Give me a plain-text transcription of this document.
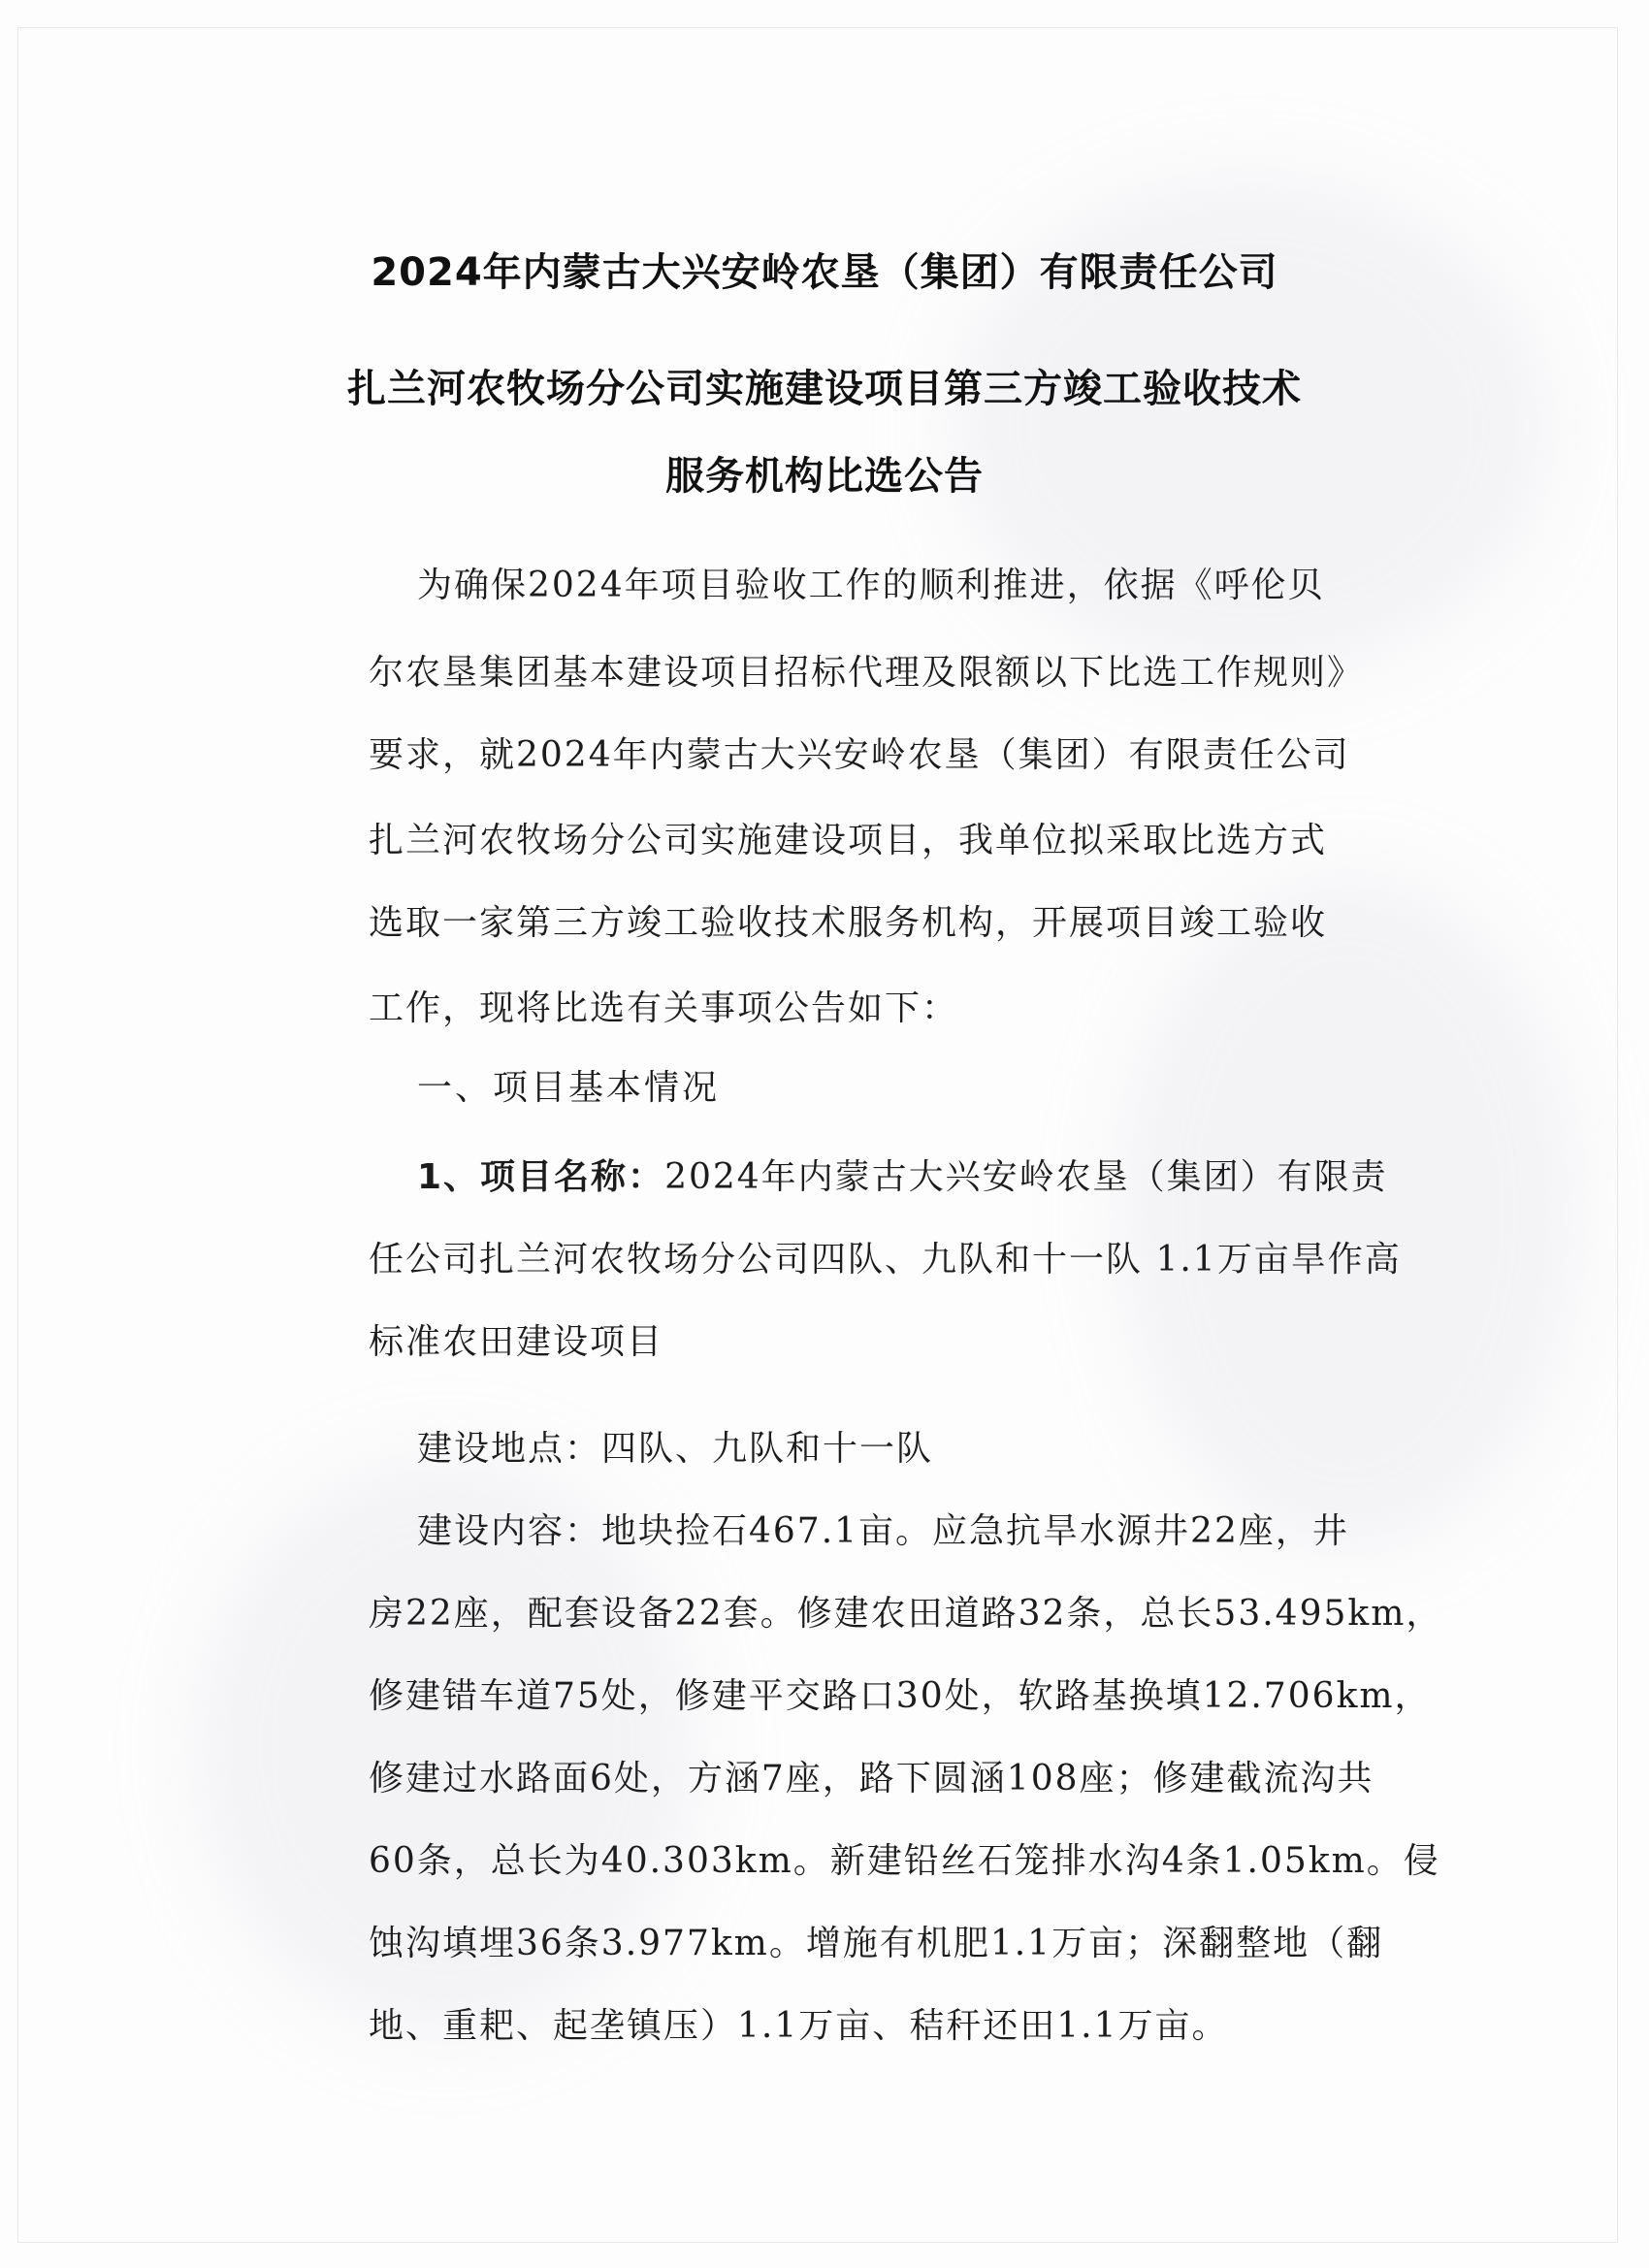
2024年内蒙古大兴安岭农垦（集团）有限责任公司
扎兰河农牧场分公司实施建设项目第三方竣工验收技术
服务机构比选公告
为确保2024年项目验收工作的顺利推进，依据《呼伦贝
尔农垦集团基本建设项目招标代理及限额以下比选工作规则》
要求，就2024年内蒙古大兴安岭农垦（集团）有限责任公司
扎兰河农牧场分公司实施建设项目，我单位拟采取比选方式
选取一家第三方竣工验收技术服务机构，开展项目竣工验收
工作，现将比选有关事项公告如下：
一、项目基本情况
1、项目名称：2024年内蒙古大兴安岭农垦（集团）有限责
任公司扎兰河农牧场分公司四队、九队和十一队 1.1万亩旱作高
标准农田建设项目
建设地点：四队、九队和十一队
建设内容：地块捡石467.1亩。应急抗旱水源井22座，井
房22座，配套设备22套。修建农田道路32条，总长53.495km，
修建错车道75处，修建平交路口30处，软路基换填12.706km，
修建过水路面6处，方涵7座，路下圆涵108座；修建截流沟共
60条，总长为40.303km。新建铅丝石笼排水沟4条1.05km。侵
蚀沟填埋36条3.977km。增施有机肥1.1万亩；深翻整地（翻
地、重耙、起垄镇压）1.1万亩、秸秆还田1.1万亩。
